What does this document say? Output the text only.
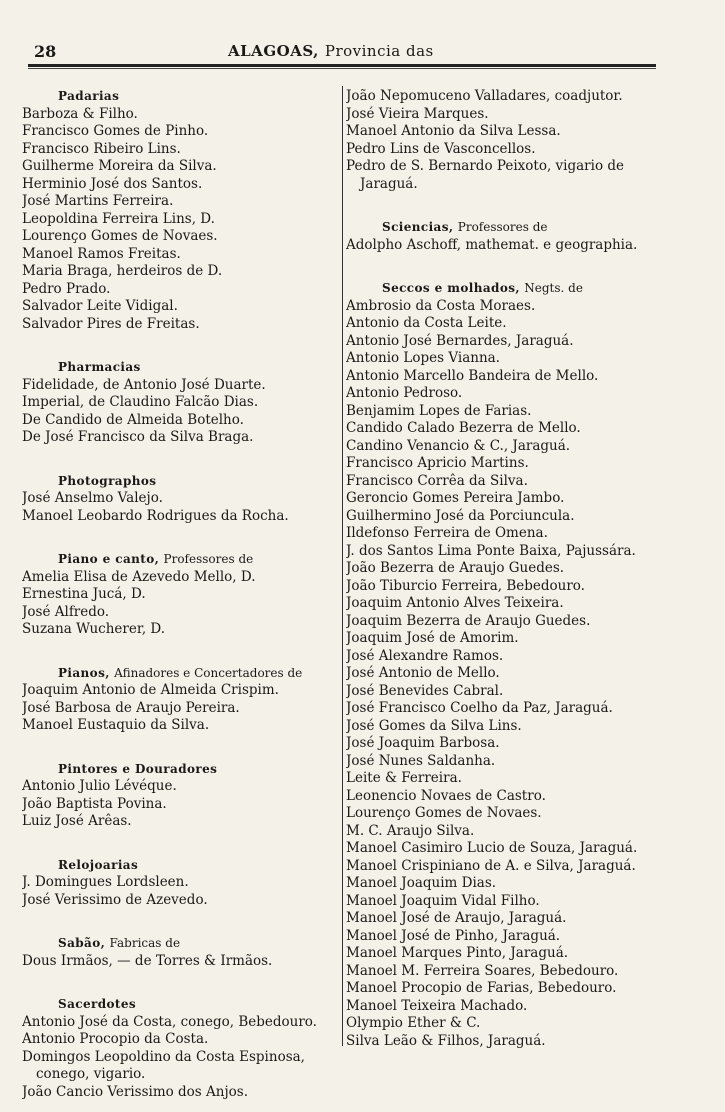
28	ALAGOAS, Provincia das
Padarias
Barboza & Filho.
Francisco Gomes de Pinho.
Francisco Ribeiro Lins.
Guilherme Moreira da Silva.
Herminio José dos Santos.
José Martins Ferreira.
Leopoldina Ferreira Lins, D.
Lourenço Gomes de Novaes.
Manoel Ramos Freitas.
Maria Braga, herdeiros de D.
Pedro Prado.
Salvador Leite Vidigal.
Salvador Pires de Freitas.
Pharmacias
Fidelidade, de Antonio José Duarte.
Imperial, de Claudino Falcão Dias.
De Candido de Almeida Botelho.
De José Francisco da Silva Braga.
Photographos
José Anselmo Valejo.
Manoel Leobardo Rodrigues da Rocha.
Piano e canto, Professores de
Amelia Elisa de Azevedo Mello, D.
Ernestina Jucá, D.
José Alfredo.
Suzana Wucherer, D.
Pianos, Afinadores e Concertadores de
Joaquim Antonio de Almeida Crispim.
José Barbosa de Araujo Pereira.
Manoel Eustaquio da Silva.
Pintores e Douradores
Antonio Julio Lévéque.
João Baptista Povina.
Luiz José Arêas.
Relojoarias
J. Domingues Lordsleen.
José Verissimo de Azevedo.
Sabão, Fabricas de
Dous Irmãos, — de Torres & Irmãos.
Sacerdotes
Antonio José da Costa, conego, Bebedouro.
Antonio Procopio da Costa.
Domingos Leopoldino da Costa Espinosa,
conego, vigario.
João Cancio Verissimo dos Anjos.
João Nepomuceno Valladares, coadjutor.
José Vieira Marques.
Manoel Antonio da Silva Lessa.
Pedro Lins de Vasconcellos.
Pedro de S. Bernardo Peixoto, vigario de
Jaraguá.
Sciencias, Professores de
Adolpho Aschoff, mathemat. e geographia.
Seccos e molhados, Negts. de
Ambrosio da Costa Moraes.
Antonio da Costa Leite.
Antonio José Bernardes, Jaraguá.
Antonio Lopes Vianna.
Antonio Marcello Bandeira de Mello.
Antonio Pedroso.
Benjamim Lopes de Farias.
Candido Calado Bezerra de Mello.
Candino Venancio & C., Jaraguá.
Francisco Apricio Martins.
Francisco Corrêa da Silva.
Geroncio Gomes Pereira Jambo.
Guilhermino José da Porciuncula.
Ildefonso Ferreira de Omena.
J. dos Santos Lima Ponte Baixa, Pajussára.
João Bezerra de Araujo Guedes.
João Tiburcio Ferreira, Bebedouro.
Joaquim Antonio Alves Teixeira.
Joaquim Bezerra de Araujo Guedes.
Joaquim José de Amorim.
José Alexandre Ramos.
José Antonio de Mello.
José Benevides Cabral.
José Francisco Coelho da Paz, Jaraguá.
José Gomes da Silva Lins.
José Joaquim Barbosa.
José Nunes Saldanha.
Leite & Ferreira.
Leonencio Novaes de Castro.
Lourenço Gomes de Novaes.
M. C. Araujo Silva.
Manoel Casimiro Lucio de Souza, Jaraguá.
Manoel Crispiniano de A. e Silva, Jaraguá.
Manoel Joaquim Dias.
Manoel Joaquim Vidal Filho.
Manoel José de Araujo, Jaraguá.
Manoel José de Pinho, Jaraguá.
Manoel Marques Pinto, Jaraguá.
Manoel M. Ferreira Soares, Bebedouro.
Manoel Procopio de Farias, Bebedouro.
Manoel Teixeira Machado.
Olympio Ether & C.
Silva Leão & Filhos, Jaraguá.
